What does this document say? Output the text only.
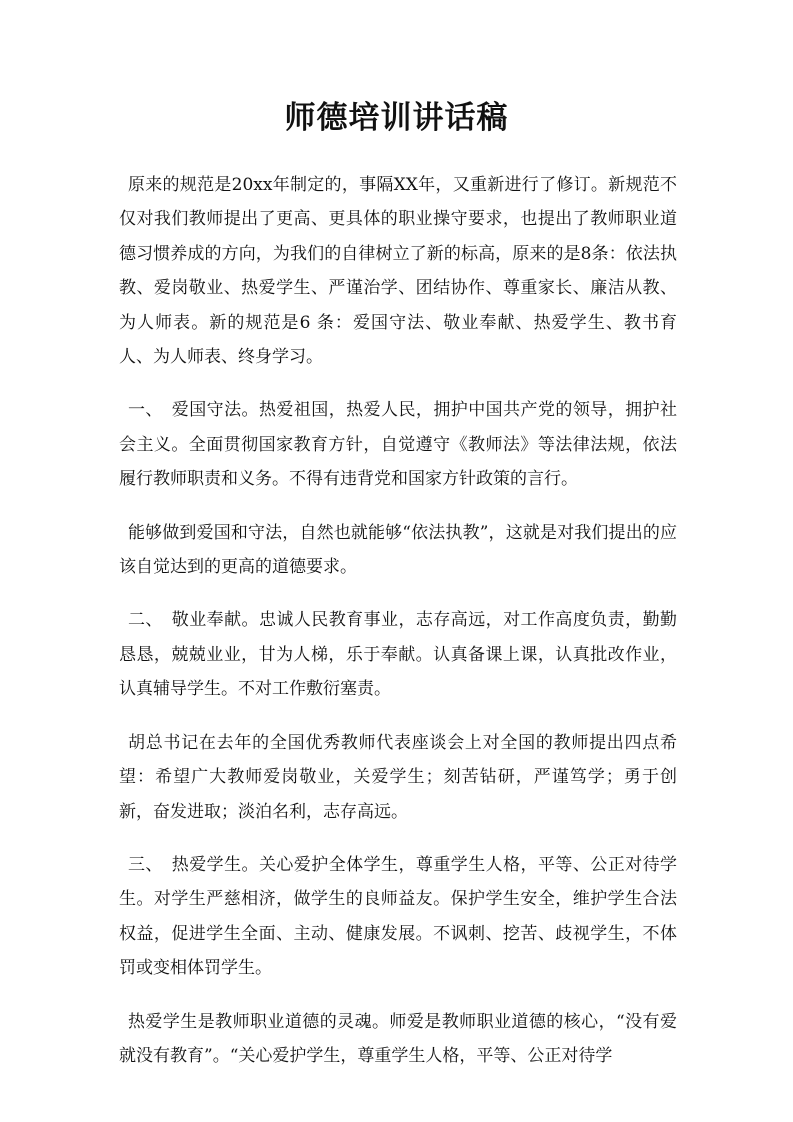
师德培训讲话稿

原来的规范是20xx年制定的，事隔XX年，又重新进行了修订。新规范不仅对我们教师提出了更高、更具体的职业操守要求，也提出了教师职业道德习惯养成的方向，为我们的自律树立了新的标高，原来的是8条：依法执教、爱岗敬业、热爱学生、严谨治学、团结协作、尊重家长、廉洁从教、为人师表。新的规范是6 条：爱国守法、敬业奉献、热爱学生、教书育人、为人师表、终身学习。

一、　爱国守法。热爱祖国，热爱人民，拥护中国共产党的领导，拥护社会主义。全面贯彻国家教育方针，自觉遵守《教师法》等法律法规，依法履行教师职责和义务。不得有违背党和国家方针政策的言行。

能够做到爱国和守法，自然也就能够“依法执教”，这就是对我们提出的应该自觉达到的更高的道德要求。

二、　敬业奉献。忠诚人民教育事业，志存高远，对工作高度负责，勤勤恳恳，兢兢业业，甘为人梯，乐于奉献。认真备课上课，认真批改作业，认真辅导学生。不对工作敷衍塞责。

胡总书记在去年的全国优秀教师代表座谈会上对全国的教师提出四点希望：希望广大教师爱岗敬业，关爱学生；刻苦钻研，严谨笃学；勇于创新，奋发进取；淡泊名利，志存高远。

三、　热爱学生。关心爱护全体学生，尊重学生人格，平等、公正对待学生。对学生严慈相济，做学生的良师益友。保护学生安全，维护学生合法权益，促进学生全面、主动、健康发展。不讽刺、挖苦、歧视学生，不体罚或变相体罚学生。

热爱学生是教师职业道德的灵魂。师爱是教师职业道德的核心，“没有爱就没有教育”。“关心爱护学生，尊重学生人格，平等、公正对待学
